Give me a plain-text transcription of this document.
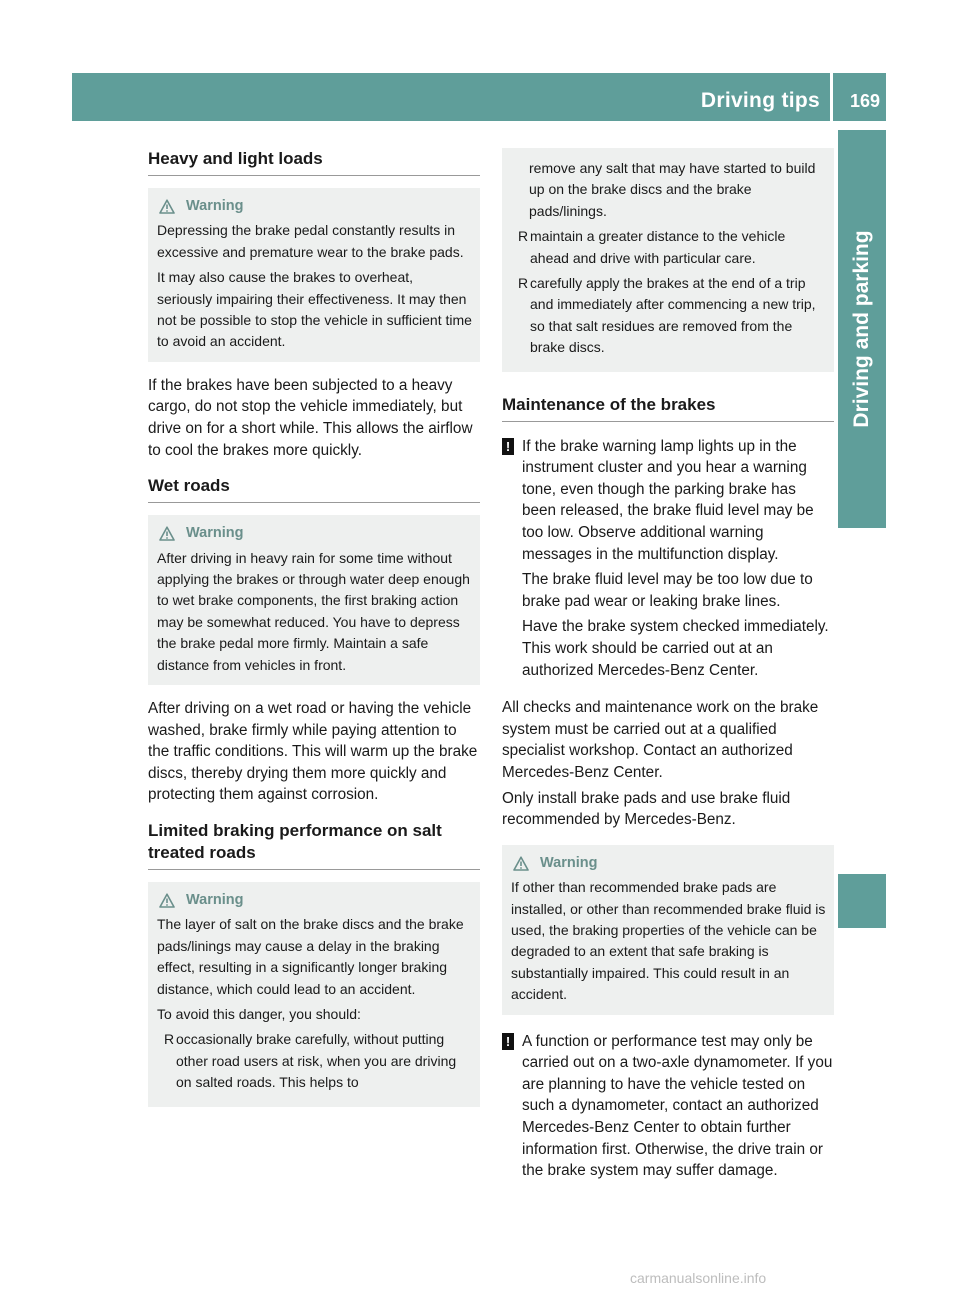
Driving tips 169
Driving and parking
Heavy and light loads
Warning

Depressing the brake pedal constantly results in excessive and premature wear to the brake pads.

It may also cause the brakes to overheat, seriously impairing their effectiveness. It may then not be possible to stop the vehicle in sufficient time to avoid an accident.

If the brakes have been subjected to a heavy cargo, do not stop the vehicle immediately, but drive on for a short while. This allows the airflow to cool the brakes more quickly.

Wet roads
Warning

After driving in heavy rain for some time without applying the brakes or through water deep enough to wet brake components, the first braking action may be somewhat reduced. You have to depress the brake pedal more firmly. Maintain a safe distance from vehicles in front.

After driving on a wet road or having the vehicle washed, brake firmly while paying attention to the traffic conditions. This will warm up the brake discs, thereby drying them more quickly and protecting them against corrosion.

Limited braking performance on salt treated roads
Warning

The layer of salt on the brake discs and the brake pads/linings may cause a delay in the braking effect, resulting in a significantly longer braking distance, which could lead to an accident.

To avoid this danger, you should:

R occasionally brake carefully, without putting other road users at risk, when you are driving on salted roads. This helps to

remove any salt that may have started to build up on the brake discs and the brake pads/linings.

R maintain a greater distance to the vehicle ahead and drive with particular care.
R carefully apply the brakes at the end of a trip and immediately after commencing a new trip, so that salt residues are removed from the brake discs.
Maintenance of the brakes
! If the brake warning lamp lights up in the instrument cluster and you hear a warning tone, even though the parking brake has been released, the brake fluid level may be too low. Observe additional warning messages in the multifunction display.

The brake fluid level may be too low due to brake pad wear or leaking brake lines.

Have the brake system checked immediately. This work should be carried out at an authorized Mercedes-Benz Center.

All checks and maintenance work on the brake system must be carried out at a qualified specialist workshop. Contact an authorized Mercedes-Benz Center.

Only install brake pads and use brake fluid recommended by Mercedes-Benz.

Warning

If other than recommended brake pads are installed, or other than recommended brake fluid is used, the braking properties of the vehicle can be degraded to an extent that safe braking is substantially impaired. This could result in an accident.

! A function or performance test may only be carried out on a two-axle dynamometer. If you are planning to have the vehicle tested on such a dynamometer, contact an authorized Mercedes-Benz Center to obtain further information first. Otherwise, the drive train or the brake system may suffer damage.

carmanualsonline.info
